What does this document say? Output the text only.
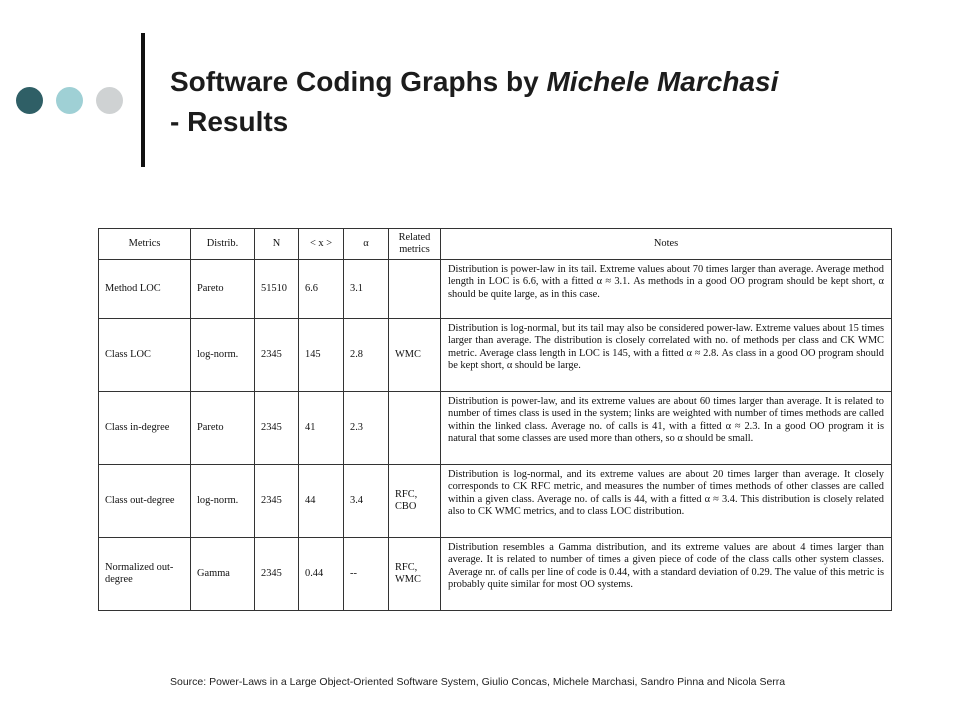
Software Coding Graphs by Michele Marchasi
- Results
Metrics	Distrib.	N	< x >	α	Related metrics	Notes
Method LOC	Pareto	51510	6.6	3.1		Distribution is power-law in its tail. Extreme values about 70 times larger than average. Average method length in LOC is 6.6, with a fitted α ≈ 3.1. As methods in a good OO program should be kept short, α should be quite large, as in this case.
Class LOC	log-norm.	2345	145	2.8	WMC	Distribution is log-normal, but its tail may also be considered power-law. Extreme values about 15 times larger than average. The distribution is closely correlated with no. of methods per class and CK WMC metric. Average class length in LOC is 145, with a fitted α ≈ 2.8. As class in a good OO program should be kept short, α should be large.
Class in-degree	Pareto	2345	41	2.3		Distribution is power-law, and its extreme values are about 60 times larger than average. It is related to number of times class is used in the system; links are weighted with number of times methods are called within the linked class. Average no. of calls is 41, with a fitted α ≈ 2.3. In a good OO program it is natural that some classes are used more than others, so α should be small.
Class out-degree	log-norm.	2345	44	3.4	RFC, CBO	Distribution is log-normal, and its extreme values are about 20 times larger than average. It closely corresponds to CK RFC metric, and measures the number of times methods of other classes are called within a given class. Average no. of calls is 44, with a fitted α ≈ 3.4. This distribution is closely related also to CK WMC metrics, and to class LOC distribution.
Normalized out-degree	Gamma	2345	0.44	--	RFC, WMC	Distribution resembles a Gamma distribution, and its extreme values are about 4 times larger than average. It is related to number of times a given piece of code of the class calls other system classes. Average nr. of calls per line of code is 0.44, with a standard deviation of 0.29. The value of this metric is probably quite similar for most OO systems.
Source: Power-Laws in a Large Object-Oriented Software System, Giulio Concas, Michele Marchasi, Sandro Pinna and Nicola Serra
